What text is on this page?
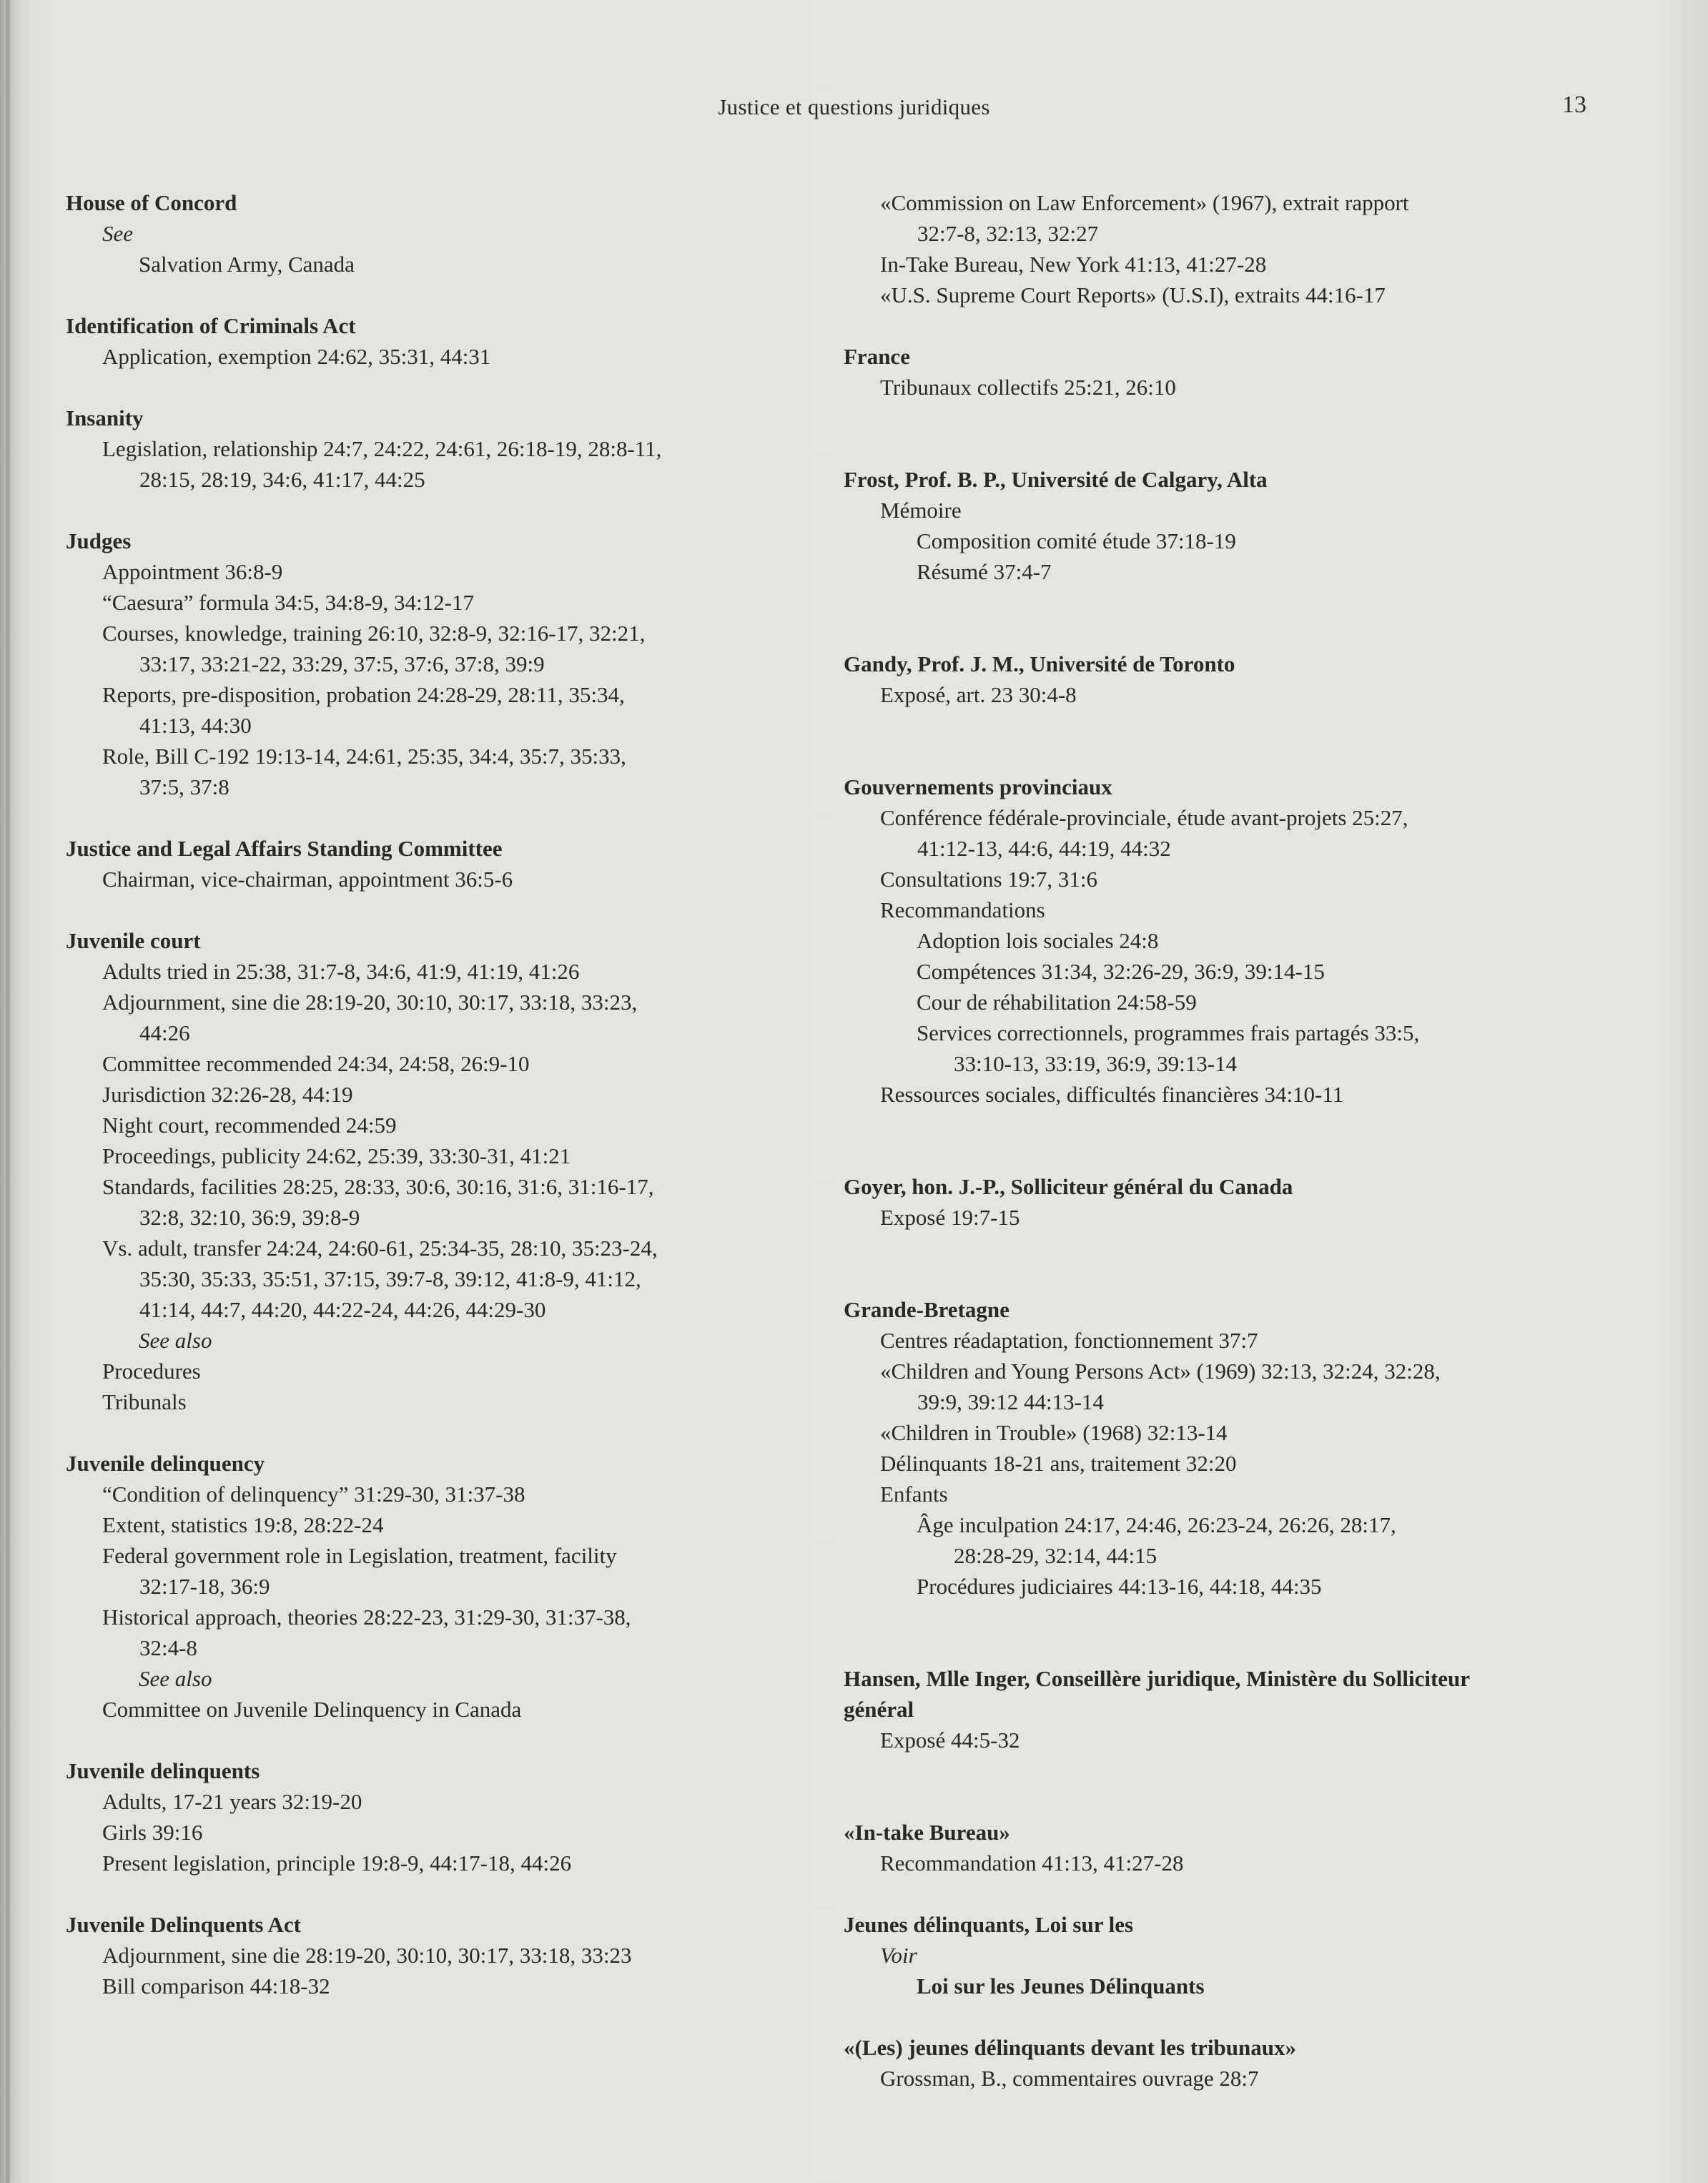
Justice et questions juridiques	13
House of Concord
See
Salvation Army, Canada
Identification of Criminals Act
Application, exemption 24:62, 35:31, 44:31
Insanity
Legislation, relationship 24:7, 24:22, 24:61, 26:18-19, 28:8-11,
28:15, 28:19, 34:6, 41:17, 44:25
Judges
Appointment 36:8-9
“Caesura” formula 34:5, 34:8-9, 34:12-17
Courses, knowledge, training 26:10, 32:8-9, 32:16-17, 32:21,
33:17, 33:21-22, 33:29, 37:5, 37:6, 37:8, 39:9
Reports, pre-disposition, probation 24:28-29, 28:11, 35:34,
41:13, 44:30
Role, Bill C-192 19:13-14, 24:61, 25:35, 34:4, 35:7, 35:33,
37:5, 37:8
Justice and Legal Affairs Standing Committee
Chairman, vice-chairman, appointment 36:5-6
Juvenile court
Adults tried in 25:38, 31:7-8, 34:6, 41:9, 41:19, 41:26
Adjournment, sine die 28:19-20, 30:10, 30:17, 33:18, 33:23,
44:26
Committee recommended 24:34, 24:58, 26:9-10
Jurisdiction 32:26-28, 44:19
Night court, recommended 24:59
Proceedings, publicity 24:62, 25:39, 33:30-31, 41:21
Standards, facilities 28:25, 28:33, 30:6, 30:16, 31:6, 31:16-17,
32:8, 32:10, 36:9, 39:8-9
Vs. adult, transfer 24:24, 24:60-61, 25:34-35, 28:10, 35:23-24,
35:30, 35:33, 35:51, 37:15, 39:7-8, 39:12, 41:8-9, 41:12,
41:14, 44:7, 44:20, 44:22-24, 44:26, 44:29-30
See also
Procedures
Tribunals
Juvenile delinquency
“Condition of delinquency” 31:29-30, 31:37-38
Extent, statistics 19:8, 28:22-24
Federal government role in Legislation, treatment, facility
32:17-18, 36:9
Historical approach, theories 28:22-23, 31:29-30, 31:37-38,
32:4-8
See also
Committee on Juvenile Delinquency in Canada
Juvenile delinquents
Adults, 17-21 years 32:19-20
Girls 39:16
Present legislation, principle 19:8-9, 44:17-18, 44:26
Juvenile Delinquents Act
Adjournment, sine die 28:19-20, 30:10, 30:17, 33:18, 33:23
Bill comparison 44:18-32
«Commission on Law Enforcement» (1967), extrait rapport
32:7-8, 32:13, 32:27
In-Take Bureau, New York 41:13, 41:27-28
«U.S. Supreme Court Reports» (U.S.I), extraits 44:16-17
France
Tribunaux collectifs 25:21, 26:10
Frost, Prof. B. P., Université de Calgary, Alta
Mémoire
Composition comité étude 37:18-19
Résumé 37:4-7
Gandy, Prof. J. M., Université de Toronto
Exposé, art. 23 30:4-8
Gouvernements provinciaux
Conférence fédérale-provinciale, étude avant-projets 25:27,
41:12-13, 44:6, 44:19, 44:32
Consultations 19:7, 31:6
Recommandations
Adoption lois sociales 24:8
Compétences 31:34, 32:26-29, 36:9, 39:14-15
Cour de réhabilitation 24:58-59
Services correctionnels, programmes frais partagés 33:5,
33:10-13, 33:19, 36:9, 39:13-14
Ressources sociales, difficultés financières 34:10-11
Goyer, hon. J.-P., Solliciteur général du Canada
Exposé 19:7-15
Grande-Bretagne
Centres réadaptation, fonctionnement 37:7
«Children and Young Persons Act» (1969) 32:13, 32:24, 32:28,
39:9, 39:12 44:13-14
«Children in Trouble» (1968) 32:13-14
Délinquants 18-21 ans, traitement 32:20
Enfants
Âge inculpation 24:17, 24:46, 26:23-24, 26:26, 28:17,
28:28-29, 32:14, 44:15
Procédures judiciaires 44:13-16, 44:18, 44:35
Hansen, Mlle Inger, Conseillère juridique, Ministère du Solliciteur
général
Exposé 44:5-32
«In-take Bureau»
Recommandation 41:13, 41:27-28
Jeunes délinquants, Loi sur les
Voir
Loi sur les Jeunes Délinquants
«(Les) jeunes délinquants devant les tribunaux»
Grossman, B., commentaires ouvrage 28:7
